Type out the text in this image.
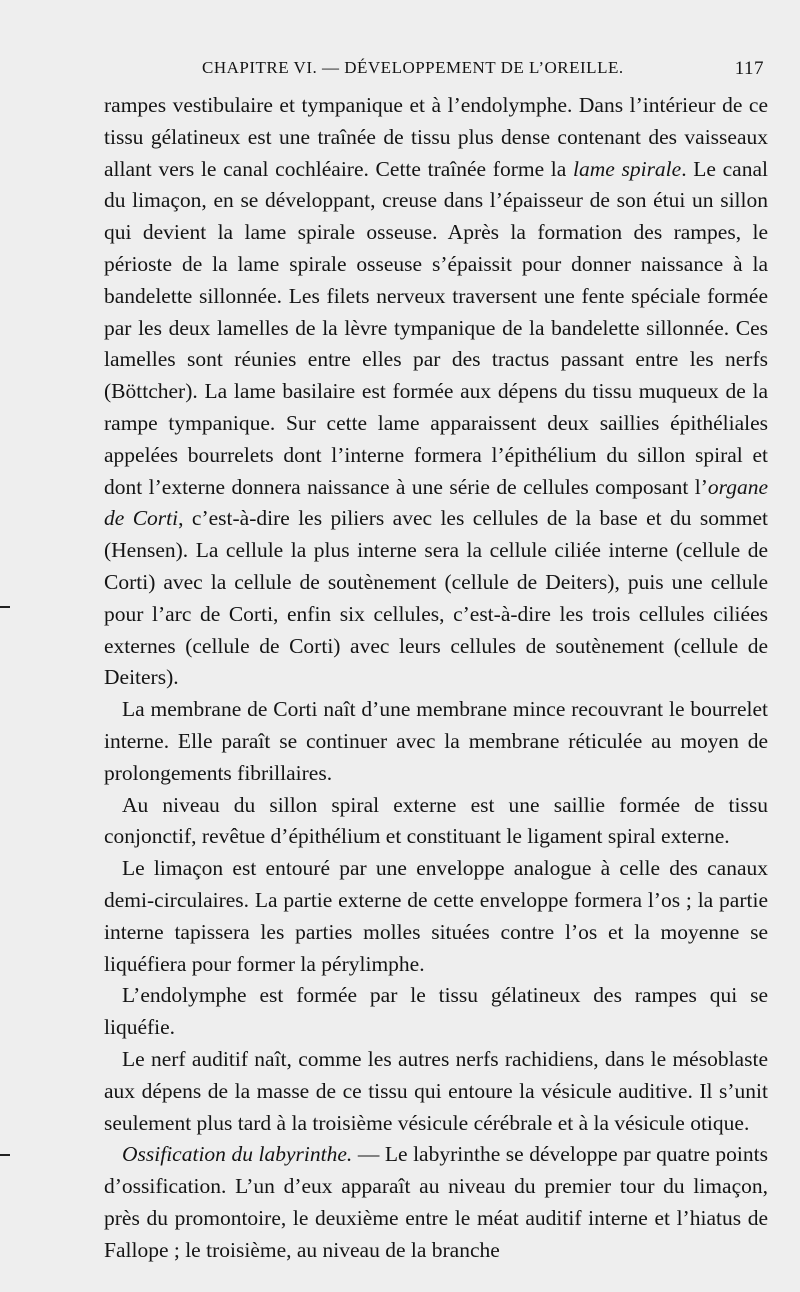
CHAPITRE VI. — DÉVELOPPEMENT DE L’OREILLE.	117

rampes vestibulaire et tympanique et à l’endolymphe. Dans l’intérieur de ce tissu gélatineux est une traînée de tissu plus dense contenant des vaisseaux allant vers le canal cochléaire. Cette traînée forme la lame spirale. Le canal du limaçon, en se développant, creuse dans l’épaisseur de son étui un sillon qui devient la lame spirale osseuse. Après la formation des rampes, le périoste de la lame spirale osseuse s’épaissit pour donner naissance à la bandelette sillonnée. Les filets nerveux traversent une fente spéciale formée par les deux lamelles de la lèvre tympanique de la bandelette sillonnée. Ces lamelles sont réunies entre elles par des tractus passant entre les nerfs (Böttcher). La lame basilaire est formée aux dépens du tissu muqueux de la rampe tympanique. Sur cette lame apparaissent deux saillies épithéliales appelées bourrelets dont l’interne formera l’épithélium du sillon spiral et dont l’externe donnera naissance à une série de cellules composant l’organe de Corti, c’est-à-dire les piliers avec les cellules de la base et du sommet (Hensen). La cellule la plus interne sera la cellule ciliée interne (cellule de Corti) avec la cellule de soutènement (cellule de Deiters), puis une cellule pour l’arc de Corti, enfin six cellules, c’est-à-dire les trois cellules ciliées externes (cellule de Corti) avec leurs cellules de soutènement (cellule de Deiters).

La membrane de Corti naît d’une membrane mince recouvrant le bourrelet interne. Elle paraît se continuer avec la membrane réticulée au moyen de prolongements fibrillaires.

Au niveau du sillon spiral externe est une saillie formée de tissu conjonctif, revêtue d’épithélium et constituant le ligament spiral externe.

Le limaçon est entouré par une enveloppe analogue à celle des canaux demi-circulaires. La partie externe de cette enveloppe formera l’os ; la partie interne tapissera les parties molles situées contre l’os et la moyenne se liquéfiera pour former la pérylimphe.

L’endolymphe est formée par le tissu gélatineux des rampes qui se liquéfie.

Le nerf auditif naît, comme les autres nerfs rachidiens, dans le mésoblaste aux dépens de la masse de ce tissu qui entoure la vésicule auditive. Il s’unit seulement plus tard à la troisième vésicule cérébrale et à la vésicule otique.

Ossification du labyrinthe. — Le labyrinthe se développe par quatre points d’ossification. L’un d’eux apparaît au niveau du premier tour du limaçon, près du promontoire, le deuxième entre le méat auditif interne et l’hiatus de Fallope ; le troisième, au niveau de la branche
